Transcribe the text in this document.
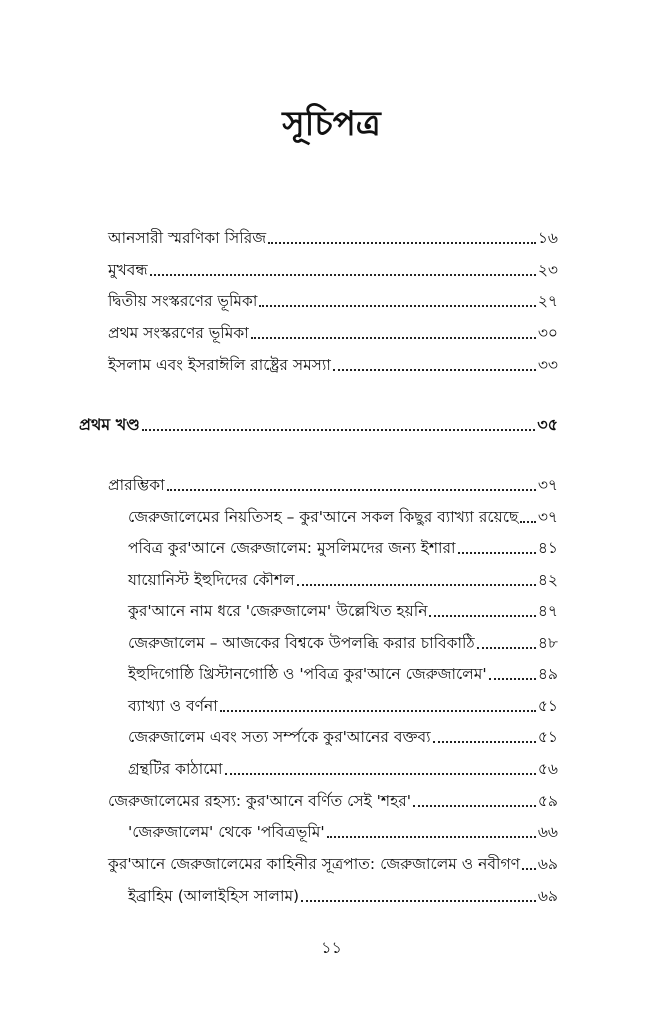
সূচিপত্র
আনসারী স্মরণিকা সিরিজ	১৬
মুখবন্ধ	২৩
দ্বিতীয় সংস্করণের ভূমিকা	২৭
প্রথম সংস্করণের ভূমিকা	৩০
ইসলাম এবং ইসরাঈলি রাষ্ট্রের সমস্যা	৩৩
প্রথম খণ্ড	৩৫
প্রারম্ভিকা	৩৭
জেরুজালেমের নিয়তিসহ – কুর'আনে সকল কিছুর ব্যাখ্যা রয়েছে ৩৭
পবিত্র কুর'আনে জেরুজালেম: মুসলিমদের জন্য ইশারা	৪১
যায়োনিস্ট ইহুদিদের কৌশল	৪২
কুর'আনে নাম ধরে 'জেরুজালেম' উল্লেখিত হয়নি	৪৭
জেরুজালেম – আজকের বিশ্বকে উপলব্ধি করার চাবিকাঠি	৪৮
ইহুদিগোষ্ঠি খ্রিস্টানগোষ্ঠি ও 'পবিত্র কুর'আনে জেরুজালেম'	৪৯
ব্যাখ্যা ও বর্ণনা	৫১
জেরুজালেম এবং সত্য সর্ম্পকে কুর'আনের বক্তব্য	৫১
গ্রন্থটির কাঠামো	৫৬
জেরুজালেমের রহস্য: কুর'আনে বর্ণিত সেই 'শহর'	৫৯
'জেরুজালেম' থেকে 'পবিত্রভূমি'	৬৬
কুর'আনে জেরুজালেমের কাহিনীর সূত্রপাত: জেরুজালেম ও নবীগণ ৬৯
ইব্রাহিম (আলাইহিস সালাম)	৬৯
১১
